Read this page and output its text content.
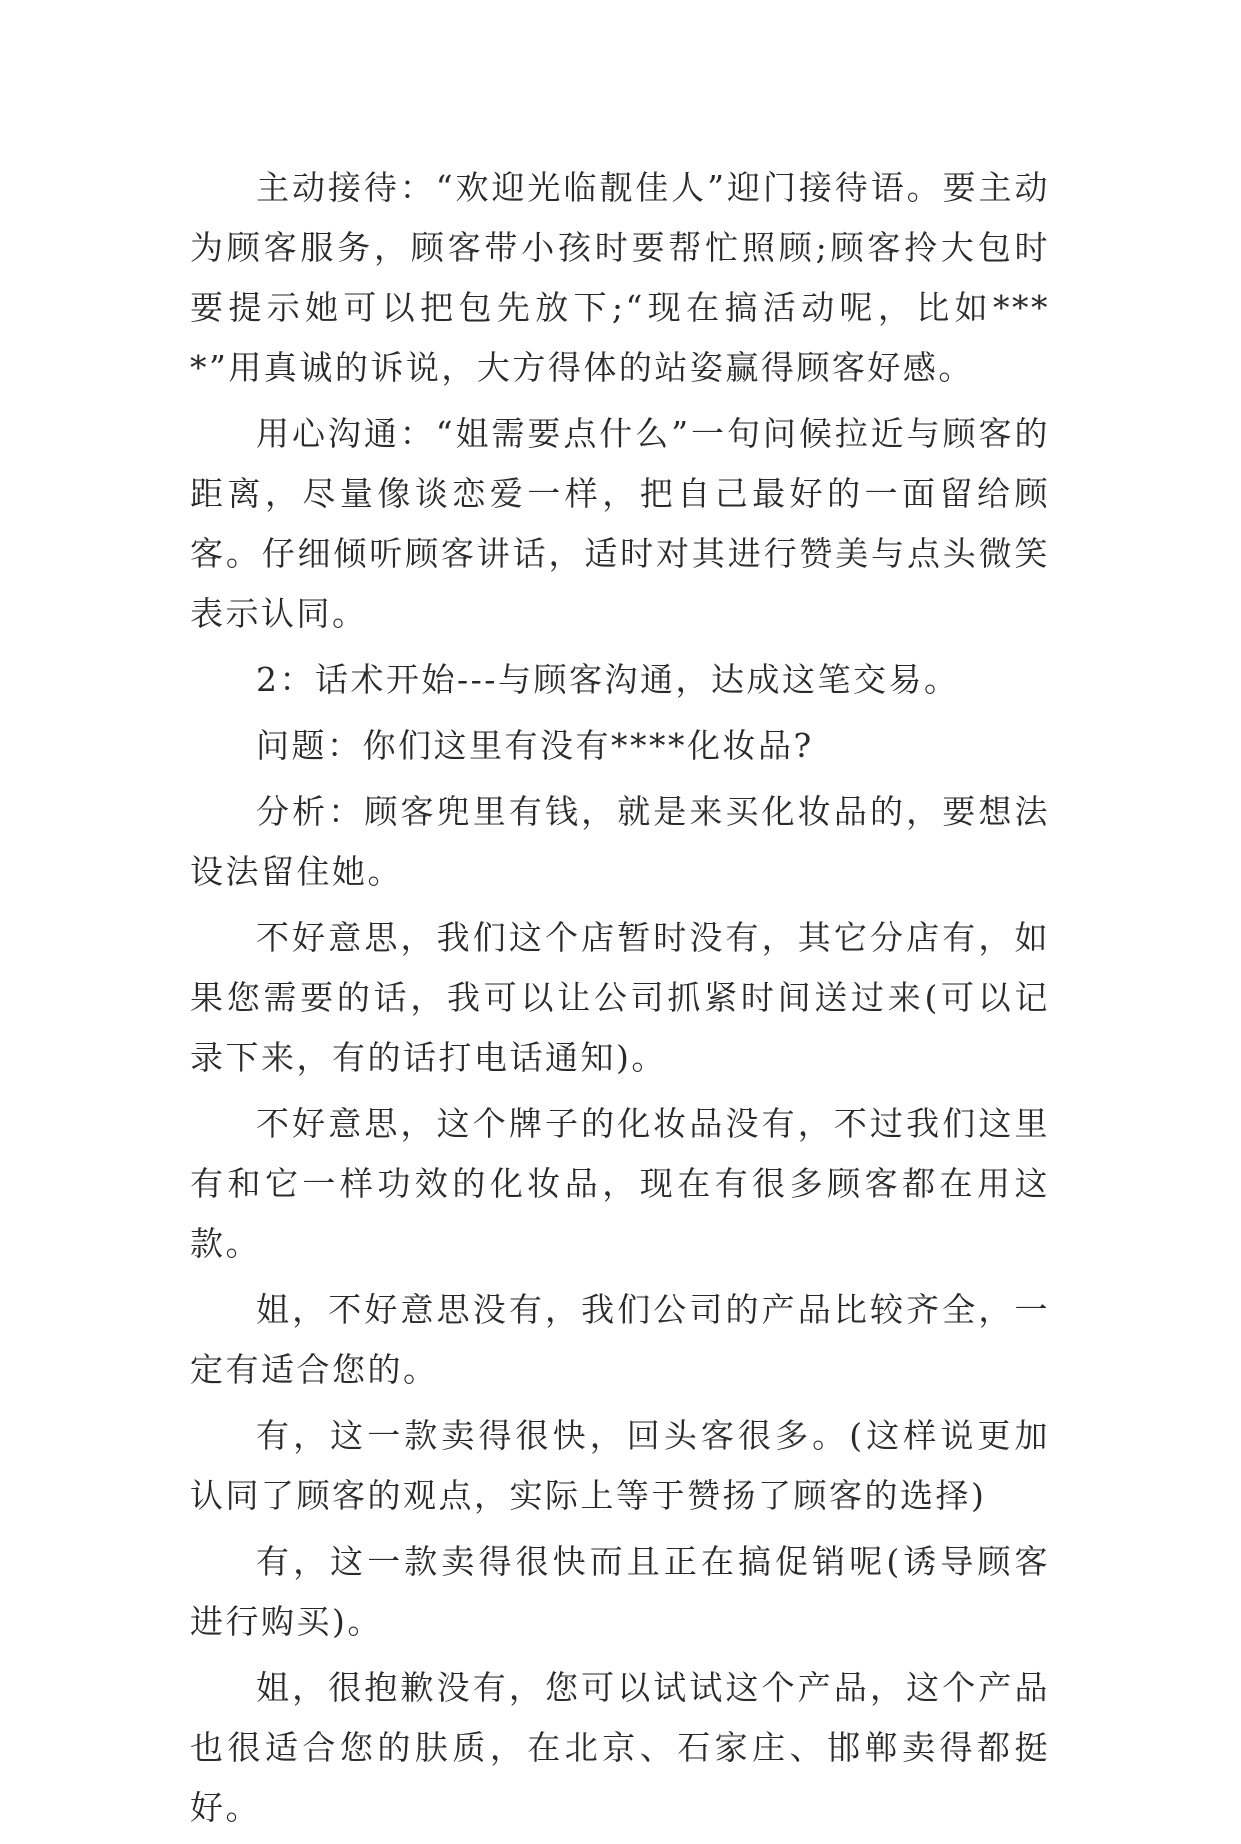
主动接待：“欢迎光临靓佳人”迎门接待语。要主动为顾客服务，顾客带小孩时要帮忙照顾;顾客拎大包时要提示她可以把包先放下;“现在搞活动呢，比如****”用真诚的诉说，大方得体的站姿赢得顾客好感。

用心沟通：“姐需要点什么”一句问候拉近与顾客的距离，尽量像谈恋爱一样，把自己最好的一面留给顾客。仔细倾听顾客讲话，适时对其进行赞美与点头微笑表示认同。

2：话术开始---与顾客沟通，达成这笔交易。

问题：你们这里有没有****化妆品?

分析：顾客兜里有钱，就是来买化妆品的，要想法设法留住她。

不好意思，我们这个店暂时没有，其它分店有，如果您需要的话，我可以让公司抓紧时间送过来(可以记录下来，有的话打电话通知)。

不好意思，这个牌子的化妆品没有，不过我们这里有和它一样功效的化妆品，现在有很多顾客都在用这款。

姐，不好意思没有，我们公司的产品比较齐全，一定有适合您的。

有，这一款卖得很快，回头客很多。(这样说更加认同了顾客的观点，实际上等于赞扬了顾客的选择)

有，这一款卖得很快而且正在搞促销呢(诱导顾客进行购买)。

姐，很抱歉没有，您可以试试这个产品，这个产品也很适合您的肤质，在北京、石家庄、邯郸卖得都挺好。
